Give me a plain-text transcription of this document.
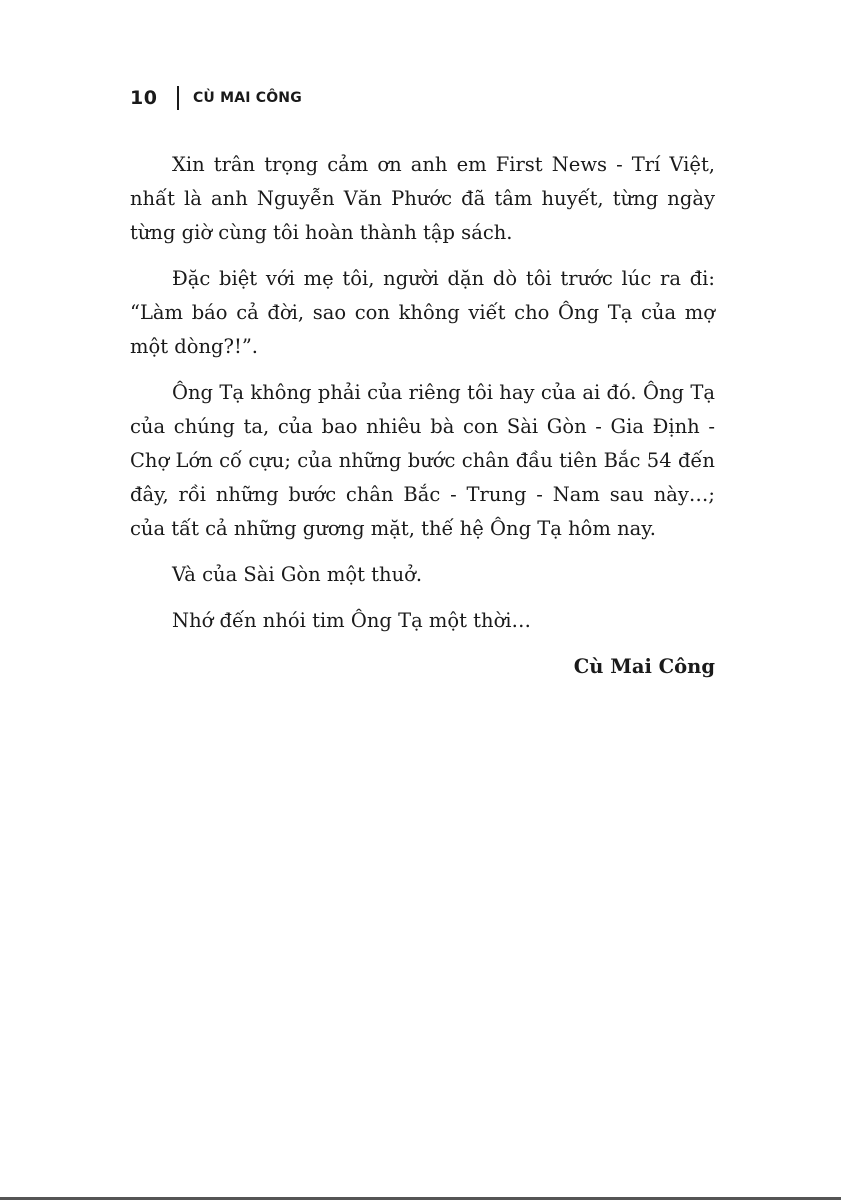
10	CÙ MAI CÔNG

Xin trân trọng cảm ơn anh em First News - Trí Việt, nhất là anh Nguyễn Văn Phước đã tâm huyết, từng ngày từng giờ cùng tôi hoàn thành tập sách.

Đặc biệt với mẹ tôi, người dặn dò tôi trước lúc ra đi: “Làm báo cả đời, sao con không viết cho Ông Tạ của mợ một dòng?!”.

Ông Tạ không phải của riêng tôi hay của ai đó. Ông Tạ của chúng ta, của bao nhiêu bà con Sài Gòn - Gia Định - Chợ Lớn cố cựu; của những bước chân đầu tiên Bắc 54 đến đây, rồi những bước chân Bắc - Trung - Nam sau này…; của tất cả những gương mặt, thế hệ Ông Tạ hôm nay.

Và của Sài Gòn một thuở.

Nhớ đến nhói tim Ông Tạ một thời…

Cù Mai Công
